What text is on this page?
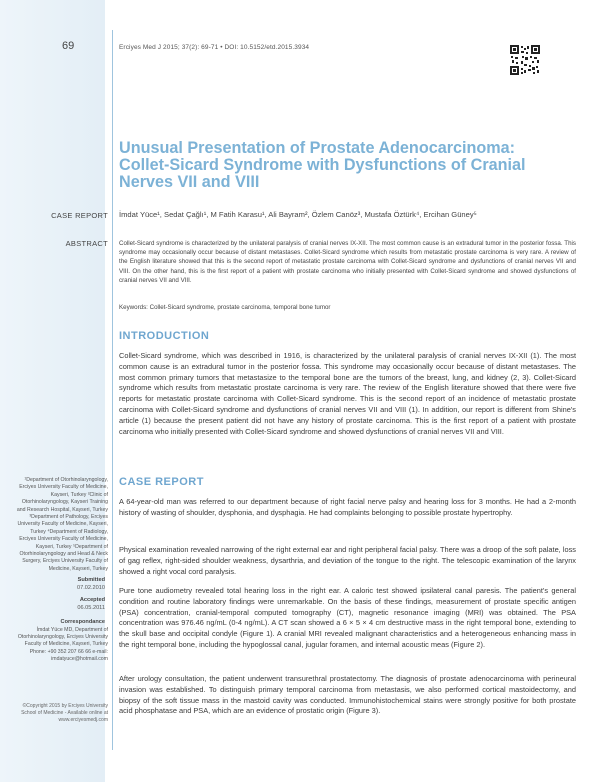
69	Erciyes Med J 2015; 37(2): 69-71 • DOI: 10.5152/etd.2015.3934
Unusual Presentation of Prostate Adenocarcinoma: Collet-Sicard Syndrome with Dysfunctions of Cranial Nerves VII and VIII
CASE REPORT İmdat Yüce¹, Sedat Çağlı¹, M Fatih Karasu¹, Ali Bayram², Özlem Canöz³, Mustafa Öztürk⁴, Ercihan Güney⁵
ABSTRACT Collet-Sicard syndrome is characterized by the unilateral paralysis of cranial nerves IX-XII. The most common cause is an extradural tumor in the posterior fossa. This syndrome may occasionally occur because of distant metastases. Collet-Sicard syndrome which results from metastatic prostate carcinoma is very rare. A review of the English literature showed that this is the second report of metastatic prostate carcinoma with Collet-Sicard syndrome and dysfunctions of cranial nerves VII and VIII. On the other hand, this is the first report of a patient with prostate carcinoma who initially presented with Collet-Sicard syndrome and showed dysfunctions of cranial nerves VII and VIII.

Keywords: Collet-Sicard syndrome, prostate carcinoma, temporal bone tumor
INTRODUCTION

Collet-Sicard syndrome, which was described in 1916, is characterized by the unilateral paralysis of cranial nerves IX-XII (1). The most common cause is an extradural tumor in the posterior fossa. This syndrome may occasionally occur because of distant metastases. The most common primary tumors that metastasize to the temporal bone are the tumors of the breast, lung, and kidney (2, 3). Collet-Sicard syndrome which results from metastatic prostate carcinoma is very rare. The review of the English literature showed that there were five reports for metastatic prostate carcinoma with Collet-Sicard syndrome. This is the second report of an incidence of metastatic prostate carcinoma with Collet-Sicard syndrome and dysfunctions of cranial nerves VII and VIII (1). In addition, our report is different from Shine's article (1) because the present patient did not have any history of prostate carcinoma. This is the first report of a patient with prostate carcinoma who initially presented with Collet-Sicard syndrome and showed dysfunctions of cranial nerves VII and VIII.

CASE REPORT

A 64-year-old man was referred to our department because of right facial nerve palsy and hearing loss for 3 months. He had a 2-month history of wasting of shoulder, dysphonia, and dysphagia. He had complaints belonging to possible prostate hypertrophy.

Physical examination revealed narrowing of the right external ear and right peripheral facial palsy. There was a droop of the soft palate, loss of gag reflex, right-sided shoulder weakness, dysarthria, and deviation of the tongue to the right. The telescopic examination of the larynx showed a right vocal cord paralysis.

Pure tone audiometry revealed total hearing loss in the right ear. A caloric test showed ipsilateral canal paresis. The patient's general condition and routine laboratory findings were unremarkable. On the basis of these findings, measurement of prostate specific antigen (PSA) concentration, cranial-temporal computed tomography (CT), magnetic resonance imaging (MRI) was obtained. The PSA concentration was 976.46 ng/mL (0-4 ng/mL). A CT scan showed a 6 × 5 × 4 cm destructive mass in the right temporal bone, extending to the skull base and occipital condyle (Figure 1). A cranial MRI revealed malignant characteristics and a heterogeneous enhancing mass in the right temporal bone, including the hypoglossal canal, jugular foramen, and internal acoustic meas (Figure 2).

After urology consultation, the patient underwent transurethral prostatectomy. The diagnosis of prostate adenocarcinoma with perineural invasion was established. To distinguish primary temporal carcinoma from metastasis, we also performed cortical mastoidectomy, and biopsy of the soft tissue mass in the mastoid cavity was conducted. Immunohistochemical stains were strongly positive for both prostate acid phosphatase and PSA, which are an evidence of prostatic origin (Figure 3).

¹Department of Otorhinolaryngology, Erciyes University Faculty of Medicine, Kayseri, Turkey ²Clinic of Otorhinolaryngology, Kayseri Training and Research Hospital, Kayseri, Turkey ³Department of Pathology, Erciyes University Faculty of Medicine, Kayseri, Turkey ⁴Department of Radiology, Erciyes University Faculty of Medicine, Kayseri, Turkey ⁵Department of Otorhinolaryngology and Head & Neck Surgery, Erciyes University Faculty of Medicine, Kayseri, Turkey
Submitted
07.02.2010
Accepted
06.05.2011
Correspondance
İmdat Yüce MD, Department of Otorhinolaryngology, Erciyes University Faculty of Medicine, Kayseri, Turkey Phone: +90 352 207 66 66 e-mail: imdatyuce@hotmail.com
©Copyright 2015 by Erciyes University School of Medicine - Available online at www.erciyesmedj.com
